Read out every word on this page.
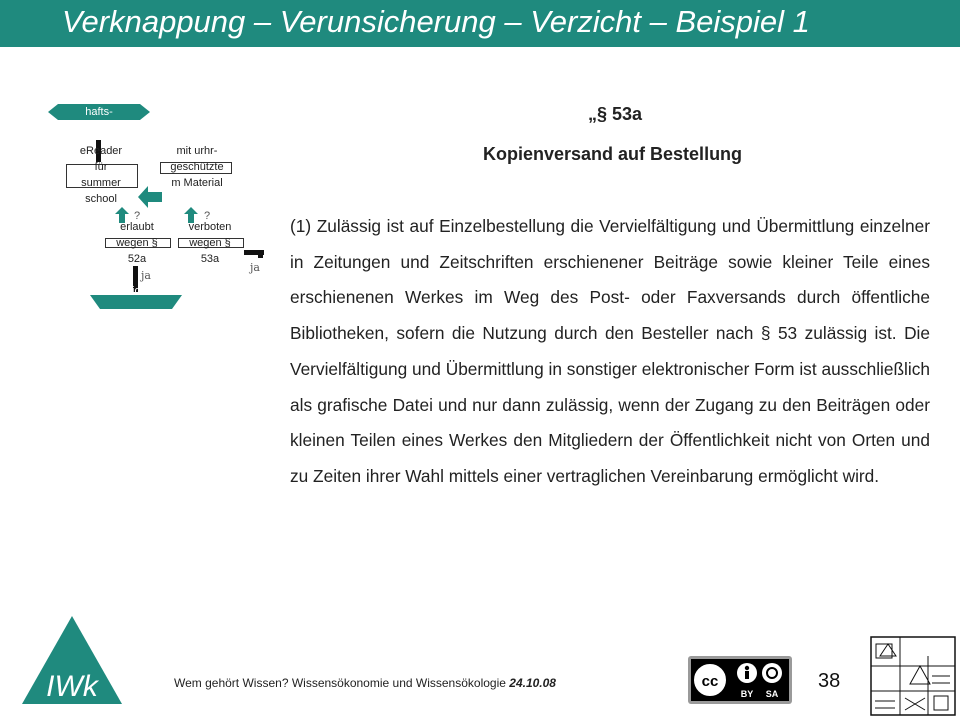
Verknappung – Verunsicherung – Verzicht – Beispiel 1
hafts-
eReader
für
summer
school
mit urhr-
geschützte
m Material
?	?
erlaubt
wegen §
52a
verboten
wegen §
53a
ja
ja
Aktions-
„§ 53a
Kopienversand auf Bestellung
(1) Zulässig ist auf Einzelbestellung die Vervielfältigung und Übermittlung einzelner in Zeitungen und Zeitschriften erschienener Beiträge sowie kleiner Teile eines erschienenen Werkes im Weg des Post- oder Faxversands durch öffentliche Bibliotheken, sofern die Nutzung durch den Besteller nach § 53 zulässig ist. Die Vervielfältigung und Übermittlung in sonstiger elektronischer Form ist ausschließlich als grafische Datei und nur dann zulässig, wenn der Zugang zu den Beiträgen oder kleinen Teilen eines Werkes den Mitgliedern der Öffentlichkeit nicht von Orten und zu Zeiten ihrer Wahl mittels einer vertraglichen Vereinbarung ermöglicht wird.
IWk	Wem gehört Wissen? Wissensökonomie und Wissensökologie 24.10.08	cc
BY SA
38
